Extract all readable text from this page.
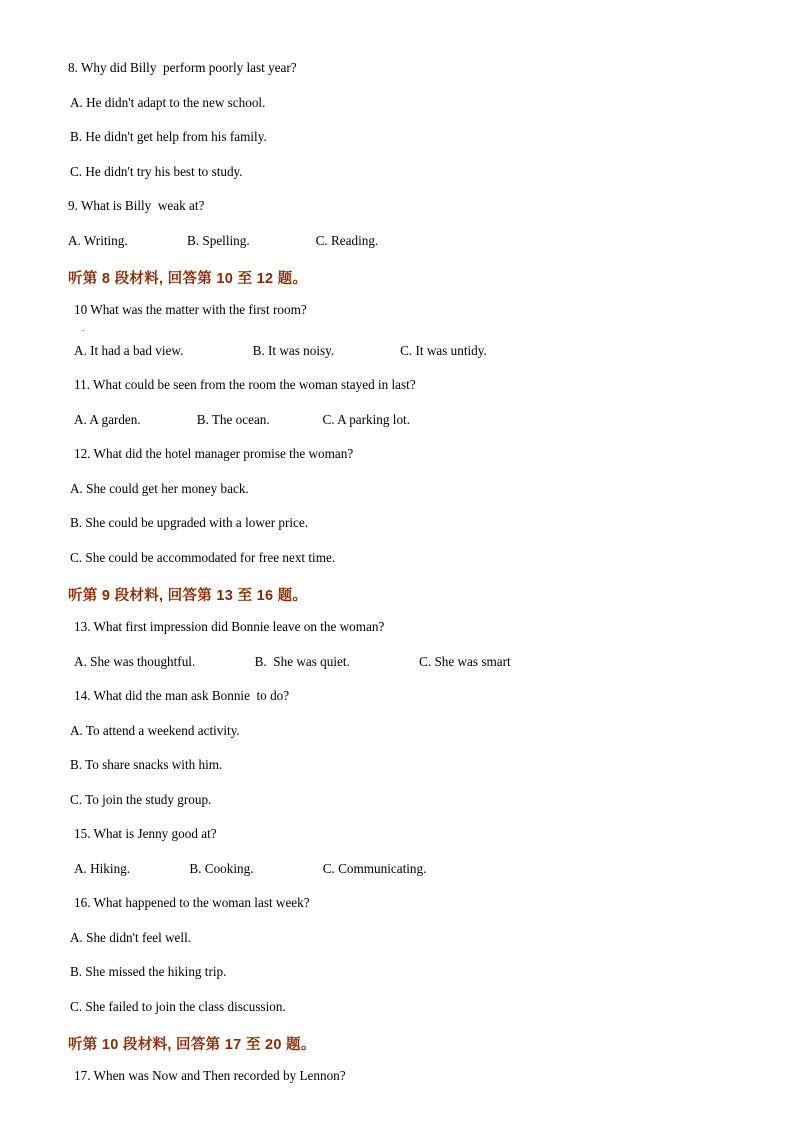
8. Why did Billy  perform poorly last year?
A. He didn't adapt to the new school.
B. He didn't get help from his family.
C. He didn't try his best to study.
9. What is Billy  weak at?
A. Writing.                  B. Spelling.                    C. Reading.
听第 8 段材料, 回答第 10 至 12 题。
10 What was the matter with the first room?
.
A. It had a bad view.                     B. It was noisy.                    C. It was untidy.
11. What could be seen from the room the woman stayed in last?
A. A garden.                 B. The ocean.                C. A parking lot.
12. What did the hotel manager promise the woman?
A. She could get her money back.
B. She could be upgraded with a lower price.
C. She could be accommodated for free next time.
听第 9 段材料, 回答第 13 至 16 题。
13. What first impression did Bonnie leave on the woman?
A. She was thoughtful.                  B.  She was quiet.                     C. She was smart
14. What did the man ask Bonnie  to do?
A. To attend a weekend activity.
B. To share snacks with him.
C. To join the study group.
15. What is Jenny good at?
A. Hiking.                  B. Cooking.                     C. Communicating.
16. What happened to the woman last week?
A. She didn't feel well.
B. She missed the hiking trip.
C. She failed to join the class discussion.
听第 10 段材料, 回答第 17 至 20 题。
17. When was Now and Then recorded by Lennon?
